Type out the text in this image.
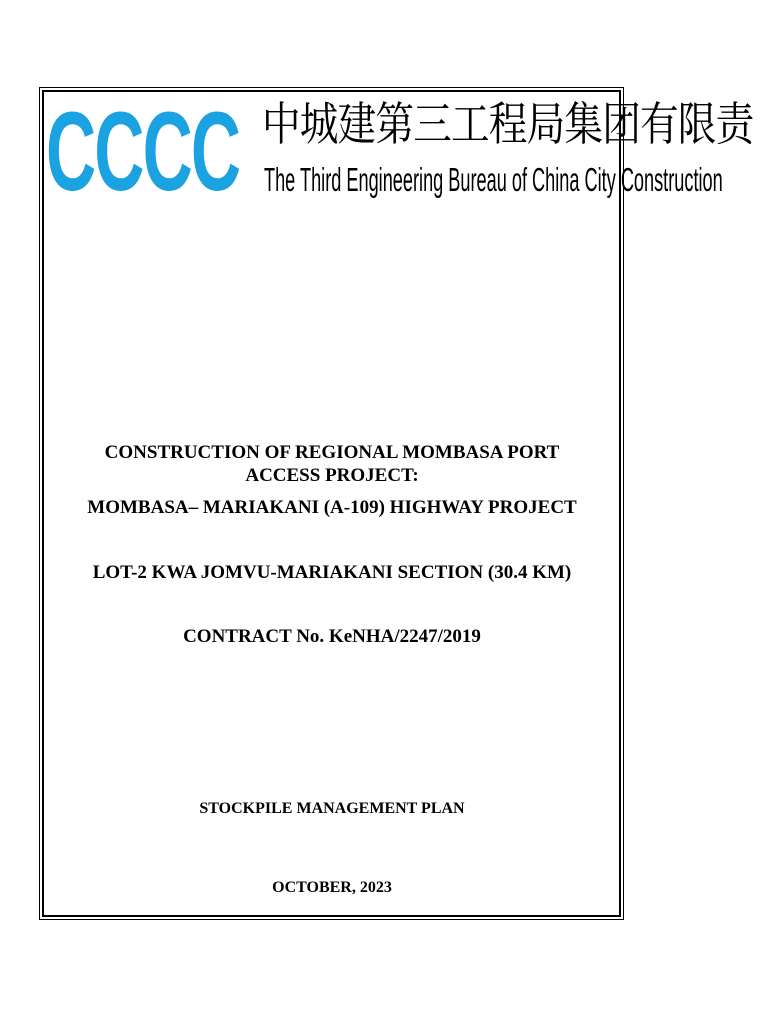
CCCC 中城建第三工程局集团有限责
The Third Engineering Bureau of China City Construction
CONSTRUCTION OF REGIONAL MOMBASA PORT
ACCESS PROJECT:
MOMBASA– MARIAKANI (A-109) HIGHWAY PROJECT
LOT-2 KWA JOMVU-MARIAKANI SECTION (30.4 KM)
CONTRACT No. KeNHA/2247/2019
STOCKPILE MANAGEMENT PLAN
OCTOBER, 2023
